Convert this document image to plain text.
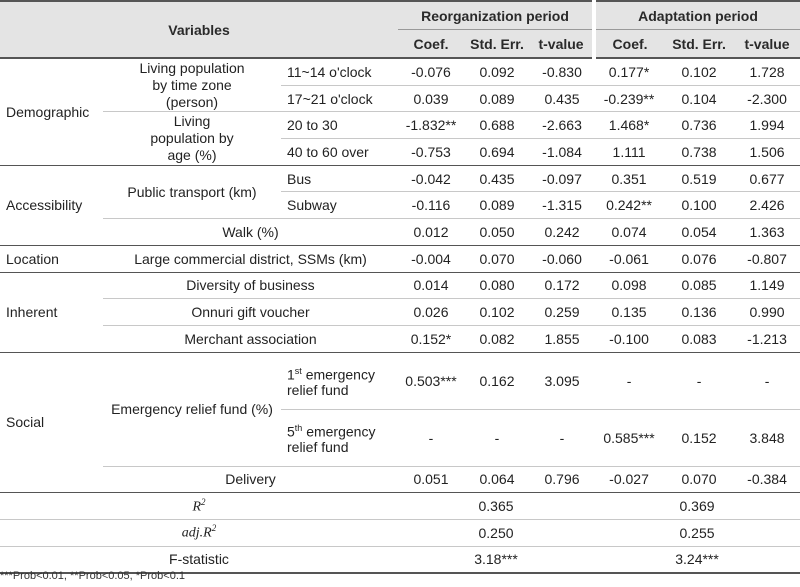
Variables			Reorganization period			Adaptation period		
			Coef.	Std. Err.	t-value	Coef.	Std. Err.	t-value
Demographic	Living population by time zone (person)	11~14 o'clock	-0.076	0.092	-0.830	0.177*	0.102	1.728
		17~21 o'clock	0.039	0.089	0.435	-0.239**	0.104	-2.300
	Living population by age (%)	20 to 30	-1.832**	0.688	-2.663	1.468*	0.736	1.994
		40 to 60 over	-0.753	0.694	-1.084	1.111	0.738	1.506
Accessibility	Public transport (km)	Bus	-0.042	0.435	-0.097	0.351	0.519	0.677
		Subway	-0.116	0.089	-1.315	0.242**	0.100	2.426
	Walk (%)		0.012	0.050	0.242	0.074	0.054	1.363
Location	Large commercial district, SSMs (km)		-0.004	0.070	-0.060	-0.061	0.076	-0.807
Inherent	Diversity of business		0.014	0.080	0.172	0.098	0.085	1.149
	Onnuri gift voucher		0.026	0.102	0.259	0.135	0.136	0.990
	Merchant association		0.152*	0.082	1.855	-0.100	0.083	-1.213
Social	Emergency relief fund (%)	1st emergency relief fund	0.503***	0.162	3.095	-	-	-
		5th emergency relief fund	-	-	-	0.585***	0.152	3.848
	Delivery		0.051	0.064	0.796	-0.027	0.070	-0.384
$R^2$			0.365			0.369		
$adj.R^2$			0.250			0.255		
F-statistic			3.18***			3.24***		
***Prob<0.01, **Prob<0.05, *Prob<0.1
